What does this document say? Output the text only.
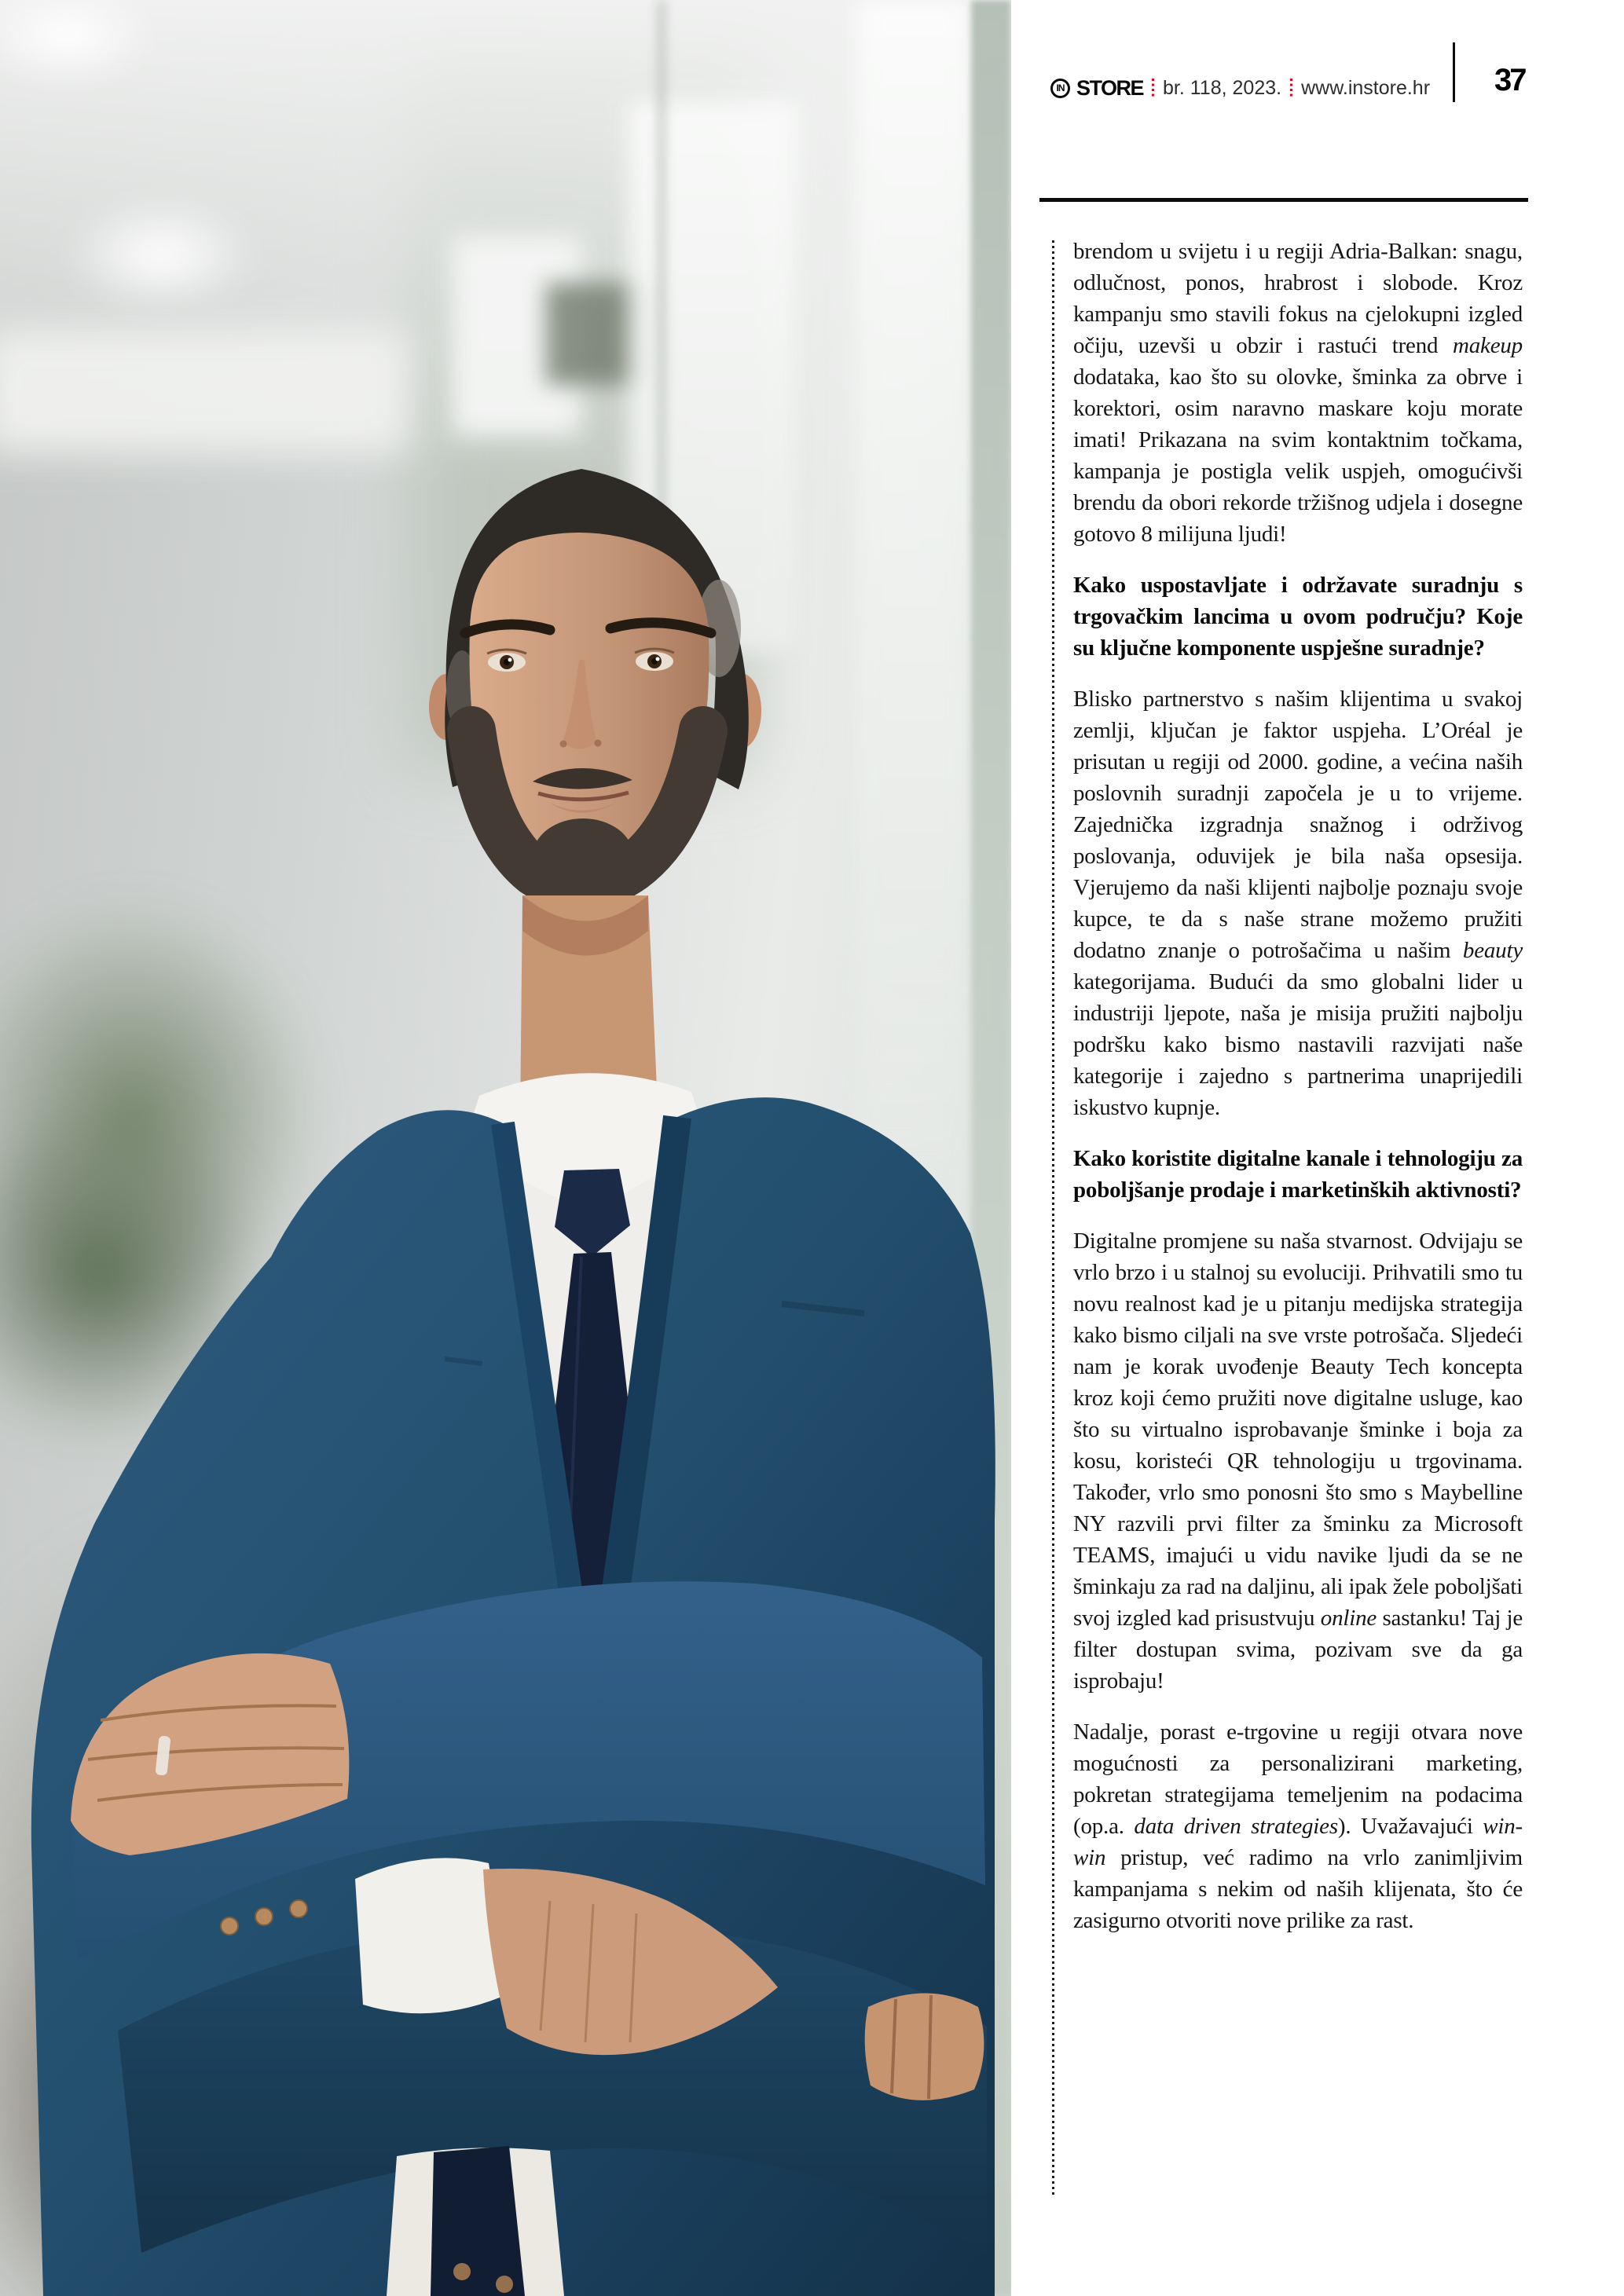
IN STORE br. 118, 2023. www.instore.hr 37

brendom u svijetu i u regiji Adria-Balkan: snagu, odlučnost, ponos, hrabrost i slobode. Kroz kampanju smo stavili fokus na cjelokupni izgled očiju, uzevši u obzir i rastući trend makeup dodataka, kao što su olovke, šminka za obrve i korektori, osim naravno maskare koju morate imati! Prikazana na svim kontaktnim točkama, kampanja je postigla velik uspjeh, omogućivši brendu da obori rekorde tržišnog udjela i dosegne gotovo 8 milijuna ljudi!

Kako uspostavljate i održavate suradnju s trgovačkim lancima u ovom području? Koje su ključne komponente uspješne suradnje?

Blisko partnerstvo s našim klijentima u svakoj zemlji, ključan je faktor uspjeha. L’Oréal je prisutan u regiji od 2000. godine, a većina naših poslovnih suradnji započela je u to vrijeme. Zajednička izgradnja snažnog i održivog poslovanja, oduvijek je bila naša opsesija. Vjerujemo da naši klijenti najbolje poznaju svoje kupce, te da s naše strane možemo pružiti dodatno znanje o potrošačima u našim beauty kategorijama. Budući da smo globalni lider u industriji ljepote, naša je misija pružiti najbolju podršku kako bismo nastavili razvijati naše kategorije i zajedno s partnerima unaprijedili iskustvo kupnje.

Kako koristite digitalne kanale i tehnologiju za poboljšanje prodaje i marketinških aktivnosti?

Digitalne promjene su naša stvarnost. Odvijaju se vrlo brzo i u stalnoj su evoluciji. Prihvatili smo tu novu realnost kad je u pitanju medijska strategija kako bismo ciljali na sve vrste potrošača. Sljedeći nam je korak uvođenje Beauty Tech koncepta kroz koji ćemo pružiti nove digitalne usluge, kao što su virtualno isprobavanje šminke i boja za kosu, koristeći QR tehnologiju u trgovinama. Također, vrlo smo ponosni što smo s Maybelline NY razvili prvi filter za šminku za Microsoft TEAMS, imajući u vidu navike ljudi da se ne šminkaju za rad na daljinu, ali ipak žele poboljšati svoj izgled kad prisustvuju online sastanku! Taj je filter dostupan svima, pozivam sve da ga isprobaju!

Nadalje, porast e-trgovine u regiji otvara nove mogućnosti za personalizirani marketing, pokretan strategijama temeljenim na podacima (op.a. data driven strategies). Uvažavajući win-win pristup, već radimo na vrlo zanimljivim kampanjama s nekim od naših klijenata, što će zasigurno otvoriti nove prilike za rast.
